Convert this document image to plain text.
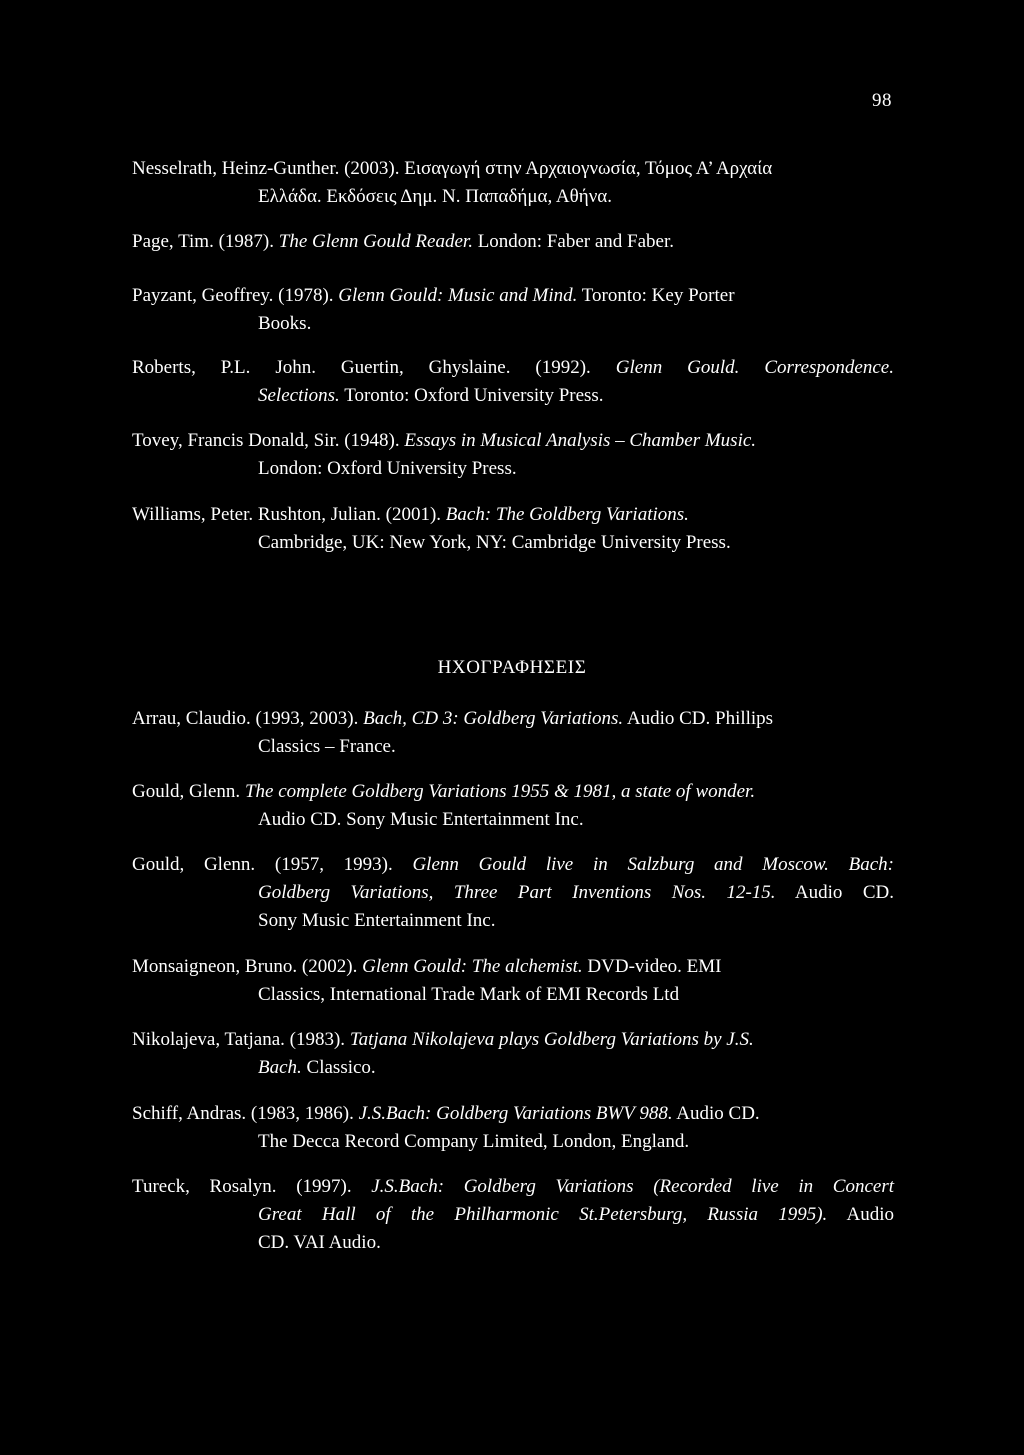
98
Nesselrath, Heinz-Gunther. (2003). Εισαγωγή στην Αρχαιογνωσία, Τόμος Α’ Αρχαία
Ελλάδα. Εκδόσεις Δημ. Ν. Παπαδήμα, Αθήνα.
Page, Tim. (1987). The Glenn Gould Reader. London: Faber and Faber.
Payzant, Geoffrey. (1978). Glenn Gould: Music and Mind. Toronto: Key Porter
Books.
Roberts, P.L. John. Guertin, Ghyslaine. (1992). Glenn Gould. Correspondence.
Selections. Toronto: Oxford University Press.
Tovey, Francis Donald, Sir. (1948). Essays in Musical Analysis – Chamber Music.
London: Oxford University Press.
Williams, Peter. Rushton, Julian. (2001). Bach: The Goldberg Variations.
Cambridge, UK: New York, NY: Cambridge University Press.
ΗΧΟΓΡΑΦΗΣΕΙΣ
Arrau, Claudio. (1993, 2003). Bach, CD 3: Goldberg Variations. Audio CD. Phillips
Classics – France.
Gould, Glenn. The complete Goldberg Variations 1955 & 1981, a state of wonder.
Audio CD. Sony Music Entertainment Inc.
Gould, Glenn. (1957, 1993). Glenn Gould live in Salzburg and Moscow. Bach:
Goldberg Variations, Three Part Inventions Nos. 12-15. Audio CD.
Sony Music Entertainment Inc.
Monsaigneon, Bruno. (2002). Glenn Gould: The alchemist. DVD-video. EMI
Classics, International Trade Mark of EMI Records Ltd
Nikolajeva, Tatjana. (1983). Tatjana Nikolajeva plays Goldberg Variations by J.S.
Bach. Classico.
Schiff, Andras. (1983, 1986). J.S.Bach: Goldberg Variations BWV 988. Audio CD.
The Decca Record Company Limited, London, England.
Tureck, Rosalyn. (1997). J.S.Bach: Goldberg Variations (Recorded live in Concert
Great Hall of the Philharmonic St.Petersburg, Russia 1995). Audio
CD. VAI Audio.
